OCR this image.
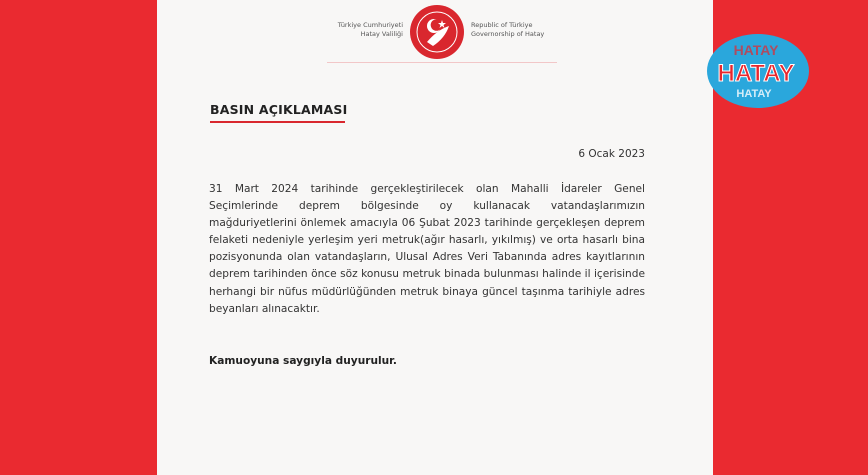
Türkiye Cumhuriyeti
Hatay Valiliği
Republic of Türkiye
Governorship of Hatay
BASIN AÇIKLAMASI
6 Ocak 2023
31 Mart 2024 tarihinde gerçekleştirilecek olan Mahalli İdareler Genel Seçimlerinde deprem bölgesinde oy kullanacak vatandaşlarımızın mağduriyetlerini önlemek amacıyla 06 Şubat 2023 tarihinde gerçekleşen deprem felaketi nedeniyle yerleşim yeri metruk(ağır hasarlı, yıkılmış) ve orta hasarlı bina pozisyonunda olan vatandaşların, Ulusal Adres Veri Tabanında adres kayıtlarının deprem tarihinden önce söz konusu metruk binada bulunması halinde il içerisinde herhangi bir nüfus müdürlüğünden metruk binaya güncel taşınma tarihiyle adres beyanları alınacaktır.
Kamuoyuna saygıyla duyurulur.
HATAY
HATAY
HATAY
